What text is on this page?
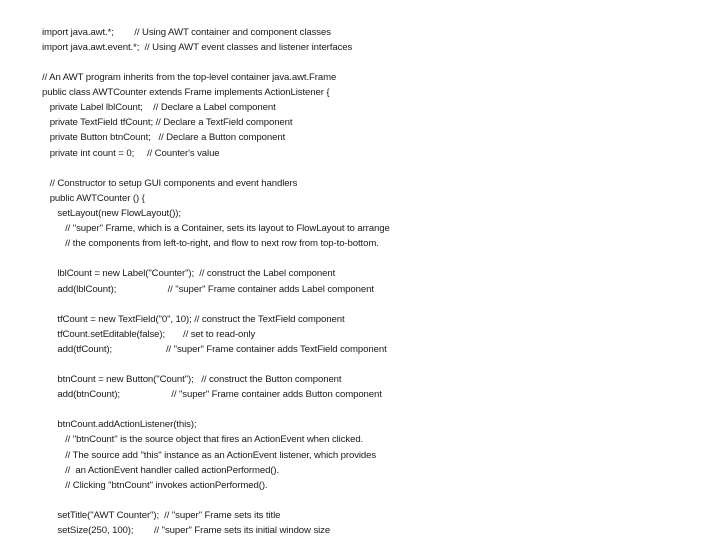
import java.awt.*;        // Using AWT container and component classes
import java.awt.event.*;  // Using AWT event classes and listener interfaces
// An AWT program inherits from the top-level container java.awt.Frame
public class AWTCounter extends Frame implements ActionListener {
private Label lblCount;    // Declare a Label component
private TextField tfCount; // Declare a TextField component
private Button btnCount;   // Declare a Button component
private int count = 0;     // Counter's value
// Constructor to setup GUI components and event handlers
public AWTCounter () {
setLayout(new FlowLayout());
// "super" Frame, which is a Container, sets its layout to FlowLayout to arrange
// the components from left-to-right, and flow to next row from top-to-bottom.
lblCount = new Label("Counter");  // construct the Label component
add(lblCount);                    // "super" Frame container adds Label component
tfCount = new TextField("0", 10); // construct the TextField component
tfCount.setEditable(false);       // set to read-only
add(tfCount);                     // "super" Frame container adds TextField component
btnCount = new Button("Count");   // construct the Button component
add(btnCount);                    // "super" Frame container adds Button component
btnCount.addActionListener(this);
// "btnCount" is the source object that fires an ActionEvent when clicked.
// The source add "this" instance as an ActionEvent listener, which provides
//  an ActionEvent handler called actionPerformed().
// Clicking "btnCount" invokes actionPerformed().
setTitle("AWT Counter");  // "super" Frame sets its title
setSize(250, 100);        // "super" Frame sets its initial window size
